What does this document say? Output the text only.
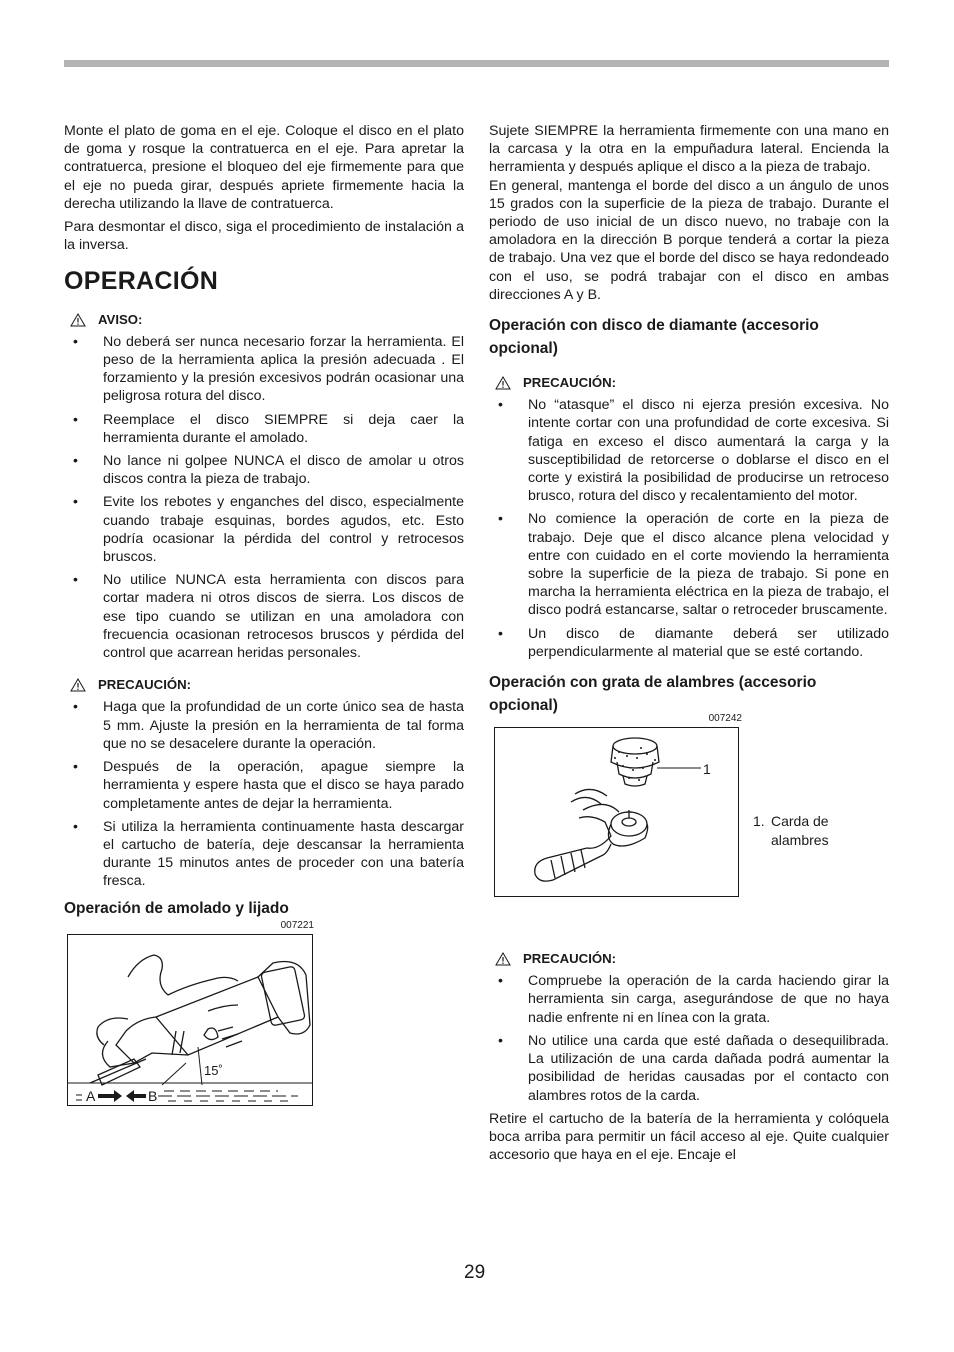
Monte el plato de goma en el eje. Coloque el disco en el plato de goma y rosque la contratuerca en el eje. Para apretar la contratuerca, presione el bloqueo del eje firmemente para que el eje no pueda girar, después apriete firmemente hacia la derecha utilizando la llave de contratuerca.

Para desmontar el disco, siga el procedimiento de instalación a la inversa.

OPERACIÓN
AVISO:
• No deberá ser nunca necesario forzar la herramienta. El peso de la herramienta aplica la presión adecuada . El forzamiento y la presión excesivos podrán ocasionar una peligrosa rotura del disco.
• Reemplace el disco SIEMPRE si deja caer la herramienta durante el amolado.
• No lance ni golpee NUNCA el disco de amolar u otros discos contra la pieza de trabajo.
• Evite los rebotes y enganches del disco, especialmente cuando trabaje esquinas, bordes agudos, etc. Esto podría ocasionar la pérdida del control y retrocesos bruscos.
• No utilice NUNCA esta herramienta con discos para cortar madera ni otros discos de sierra. Los discos de ese tipo cuando se utilizan en una amoladora con frecuencia ocasionan retrocesos bruscos y pérdida del control que acarrean heridas personales.
PRECAUCIÓN:
• Haga que la profundidad de un corte único sea de hasta 5 mm. Ajuste la presión en la herramienta de tal forma que no se desacelere durante la operación.
• Después de la operación, apague siempre la herramienta y espere hasta que el disco se haya parado completamente antes de dejar la herramienta.
• Si utiliza la herramienta continuamente hasta descargar el cartucho de batería, deje descansar la herramienta durante 15 minutos antes de proceder con una batería fresca.
Operación de amolado y lijado
007221
15˚
A	B

Sujete SIEMPRE la herramienta firmemente con una mano en la carcasa y la otra en la empuñadura lateral. Encienda la herramienta y después aplique el disco a la pieza de trabajo.

En general, mantenga el borde del disco a un ángulo de unos 15 grados con la superficie de la pieza de trabajo. Durante el periodo de uso inicial de un disco nuevo, no trabaje con la amoladora en la dirección B porque tenderá a cortar la pieza de trabajo. Una vez que el borde del disco se haya redondeado con el uso, se podrá trabajar con el disco en ambas direcciones A y B.

Operación con disco de diamante (accesorio opcional)
PRECAUCIÓN:
• No “atasque” el disco ni ejerza presión excesiva. No intente cortar con una profundidad de corte excesiva. Si fatiga en exceso el disco aumentará la carga y la susceptibilidad de retorcerse o doblarse el disco en el corte y existirá la posibilidad de producirse un retroceso brusco, rotura del disco y recalentamiento del motor.
• No comience la operación de corte en la pieza de trabajo. Deje que el disco alcance plena velocidad y entre con cuidado en el corte moviendo la herramienta sobre la superficie de la pieza de trabajo. Si pone en marcha la herramienta eléctrica en la pieza de trabajo, el disco podrá estancarse, saltar o retroceder bruscamente.
• Un disco de diamante deberá ser utilizado perpendicularmente al material que se esté cortando.
Operación con grata de alambres (accesorio opcional)
007242
1
PRECAUCIÓN:
• Compruebe la operación de la carda haciendo girar la herramienta sin carga, asegurándose de que no haya nadie enfrente ni en línea con la grata.
• No utilice una carda que esté dañada o desequilibrada. La utilización de una carda dañada podrá aumentar la posibilidad de heridas causadas por el contacto con alambres rotos de la carda.

Retire el cartucho de la batería de la herramienta y colóquela boca arriba para permitir un fácil acceso al eje. Quite cualquier accesorio que haya en el eje. Encaje el

1. Carda de alambres
29
